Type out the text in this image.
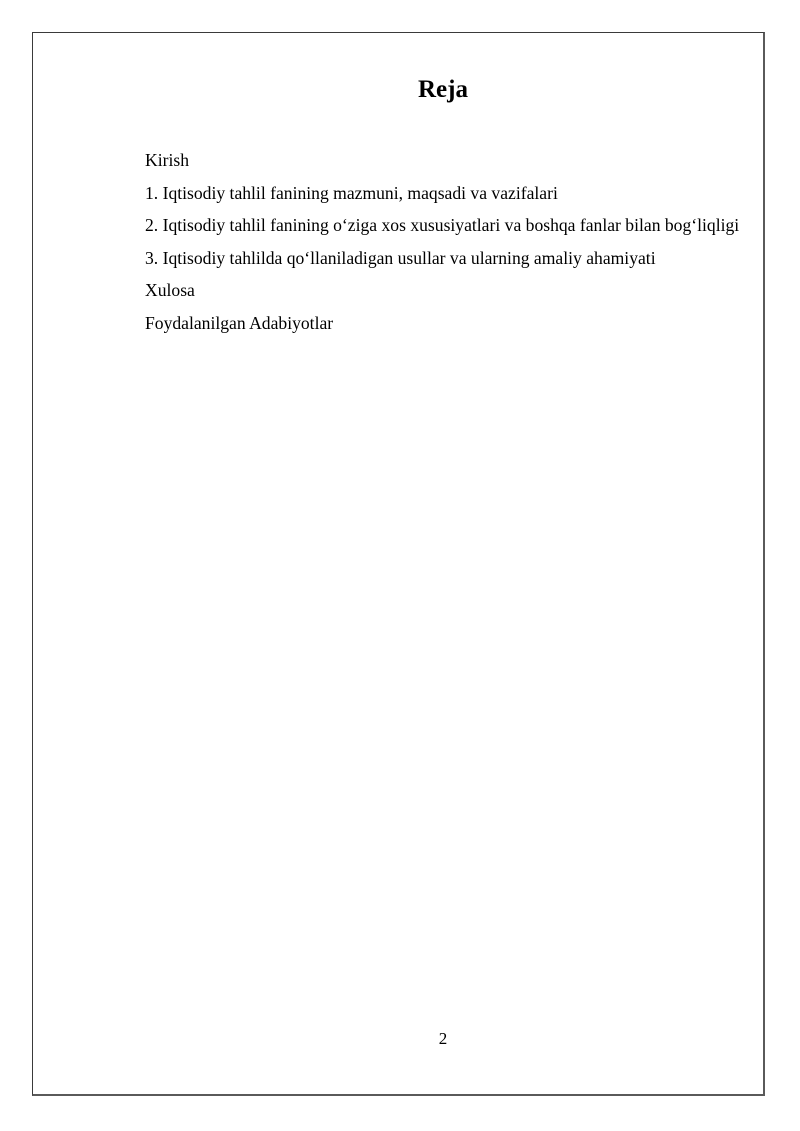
Reja
Kirish
1. Iqtisodiy tahlil fanining mazmuni, maqsadi va vazifalari
2. Iqtisodiy tahlil fanining o‘ziga xos xususiyatlari va boshqa fanlar bilan bog‘liqligi
3. Iqtisodiy tahlilda qo‘llaniladigan usullar va ularning amaliy ahamiyati
Xulosa
Foydalanilgan Adabiyotlar
2
